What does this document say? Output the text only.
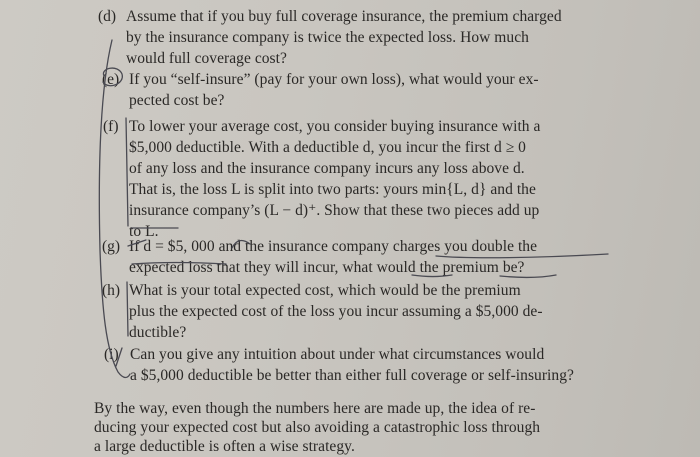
(d) Assume that if you buy full coverage insurance, the premium charged
by the insurance company is twice the expected loss. How much
would full coverage cost?
(e) If you “self-insure” (pay for your own loss), what would your ex-
pected cost be?
(f) To lower your average cost, you consider buying insurance with a
$5,000 deductible. With a deductible d, you incur the first d ≥ 0
of any loss and the insurance company incurs any loss above d.
That is, the loss L is split into two parts: yours min{L, d} and the
insurance company’s (L − d)⁺. Show that these two pieces add up
to L.
(g) If d = $5, 000 and the insurance company charges you double the
expected loss that they will incur, what would the premium be?
(h) What is your total expected cost, which would be the premium
plus the expected cost of the loss you incur assuming a $5,000 de-
ductible?
(i) Can you give any intuition about under what circumstances would
a $5,000 deductible be better than either full coverage or self-insuring?
By the way, even though the numbers here are made up, the idea of re-
ducing your expected cost but also avoiding a catastrophic loss through
a large deductible is often a wise strategy.
